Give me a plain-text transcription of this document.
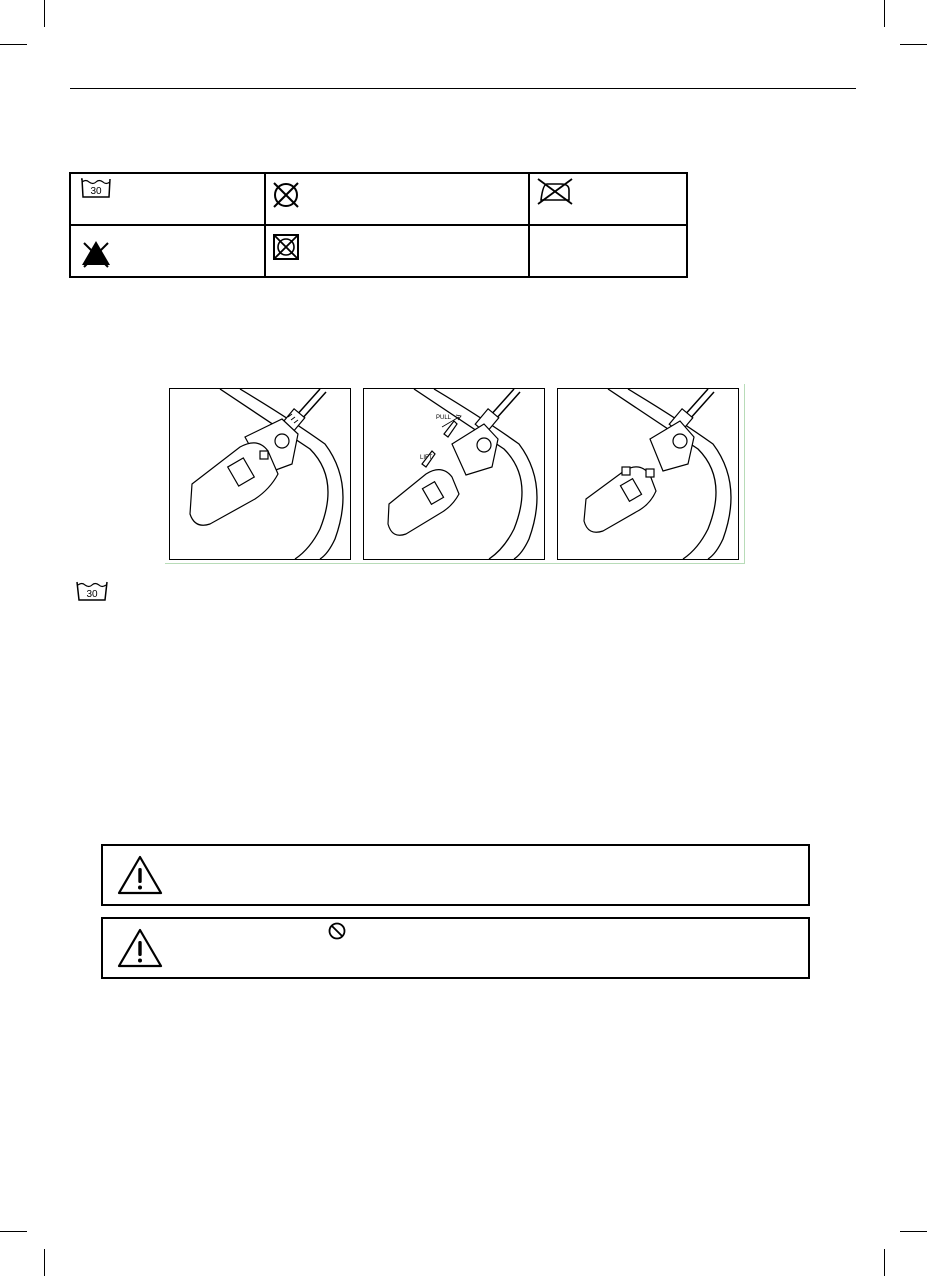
30

PULL
LIFT
30
